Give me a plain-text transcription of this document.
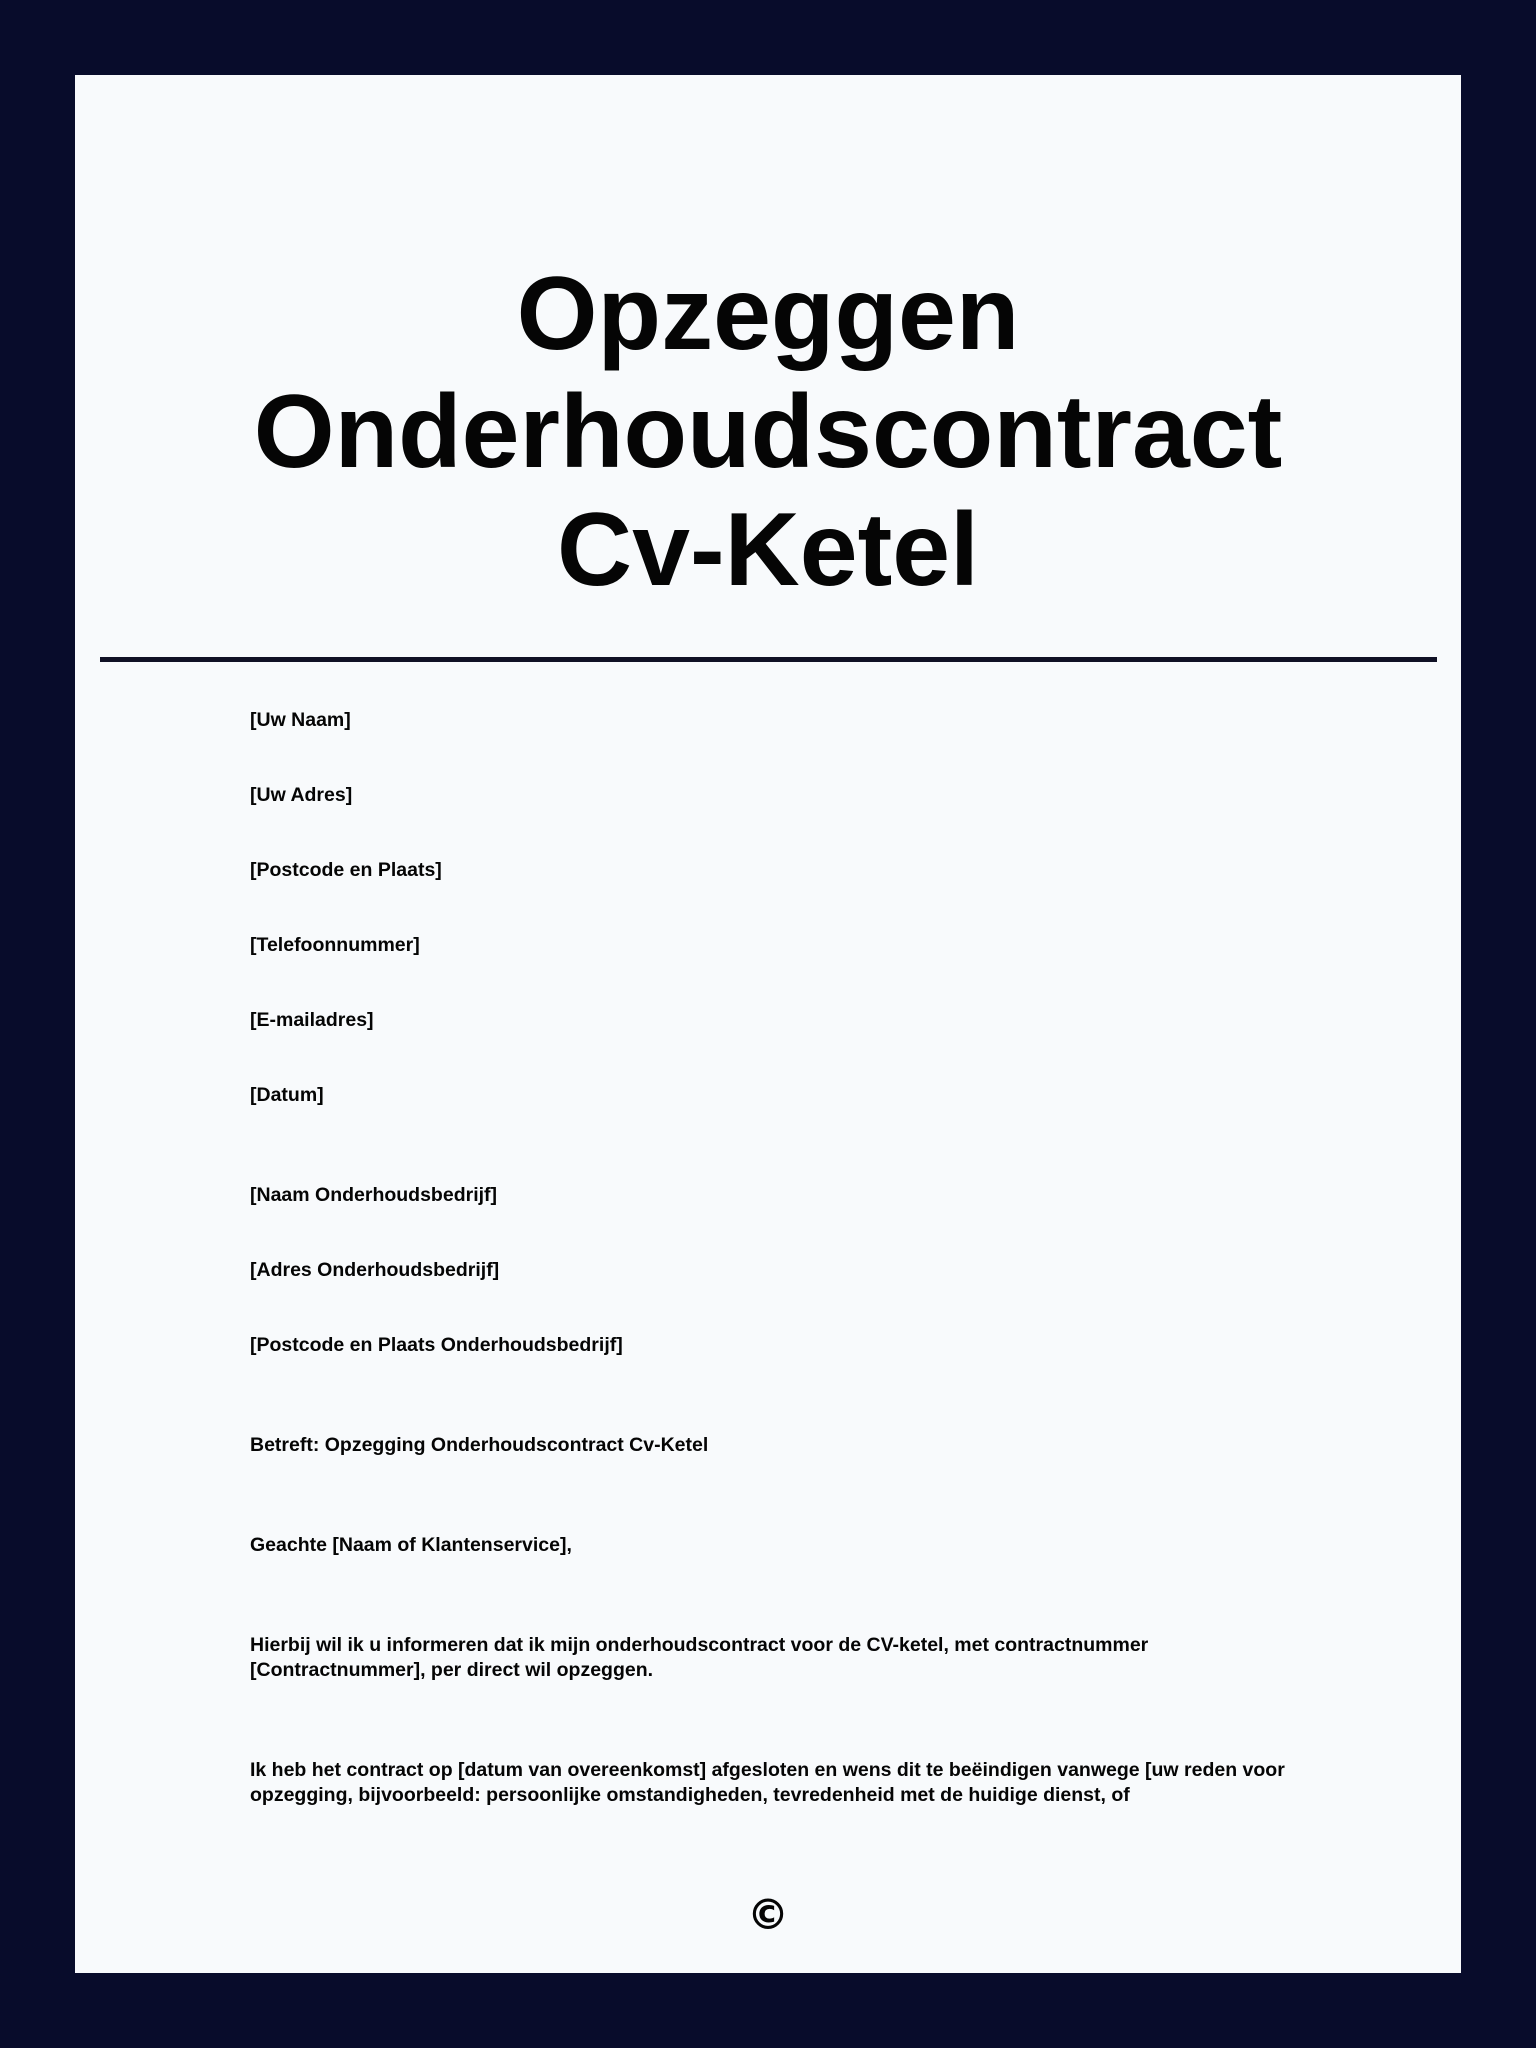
Opzeggen
Onderhoudscontract
Cv-Ketel

[Uw Naam]

[Uw Adres]

[Postcode en Plaats]

[Telefoonnummer]

[E-mailadres]

[Datum]

[Naam Onderhoudsbedrijf]

[Adres Onderhoudsbedrijf]

[Postcode en Plaats Onderhoudsbedrijf]

Betreft: Opzegging Onderhoudscontract Cv-Ketel

Geachte [Naam of Klantenservice],

Hierbij wil ik u informeren dat ik mijn onderhoudscontract voor de CV-ketel, met contractnummer [Contractnummer], per direct wil opzeggen.

Ik heb het contract op [datum van overeenkomst] afgesloten en wens dit te beëindigen vanwege [uw reden voor opzegging, bijvoorbeeld: persoonlijke omstandigheden, tevredenheid met de huidige dienst, of

©
